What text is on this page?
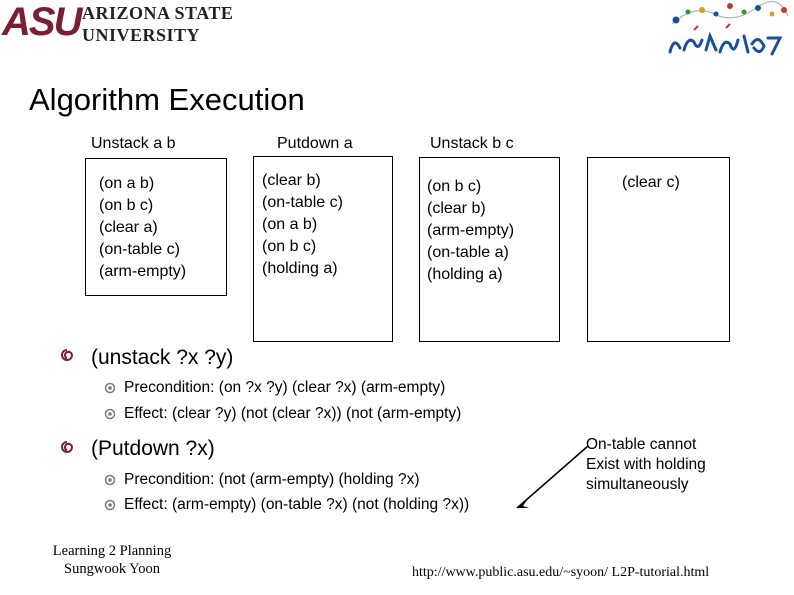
ASU ARIZONA STATE
UNIVERSITY
Algorithm Execution
Unstack a b	Putdown a	Unstack b c
(on a b)
(on b c)
(clear a)
(on-table c)
(arm-empty)
(clear b)
(on-table c)
(on a b)
(on b c)
(holding a)
(on b c)
(clear b)
(arm-empty)
(on-table a)
(holding a)
(clear c)
(unstack ?x ?y)
Precondition: (on ?x ?y) (clear ?x) (arm-empty)
Effect: (clear ?y) (not (clear ?x)) (not (arm-empty)
(Putdown ?x)
Precondition: (not (arm-empty) (holding ?x)
Effect: (arm-empty) (on-table ?x) (not (holding ?x))
On-table cannot
Exist with holding
simultaneously
Learning 2 Planning
Sungwook Yoon	http://www.public.asu.edu/~syoon/ L2P-tutorial.html
